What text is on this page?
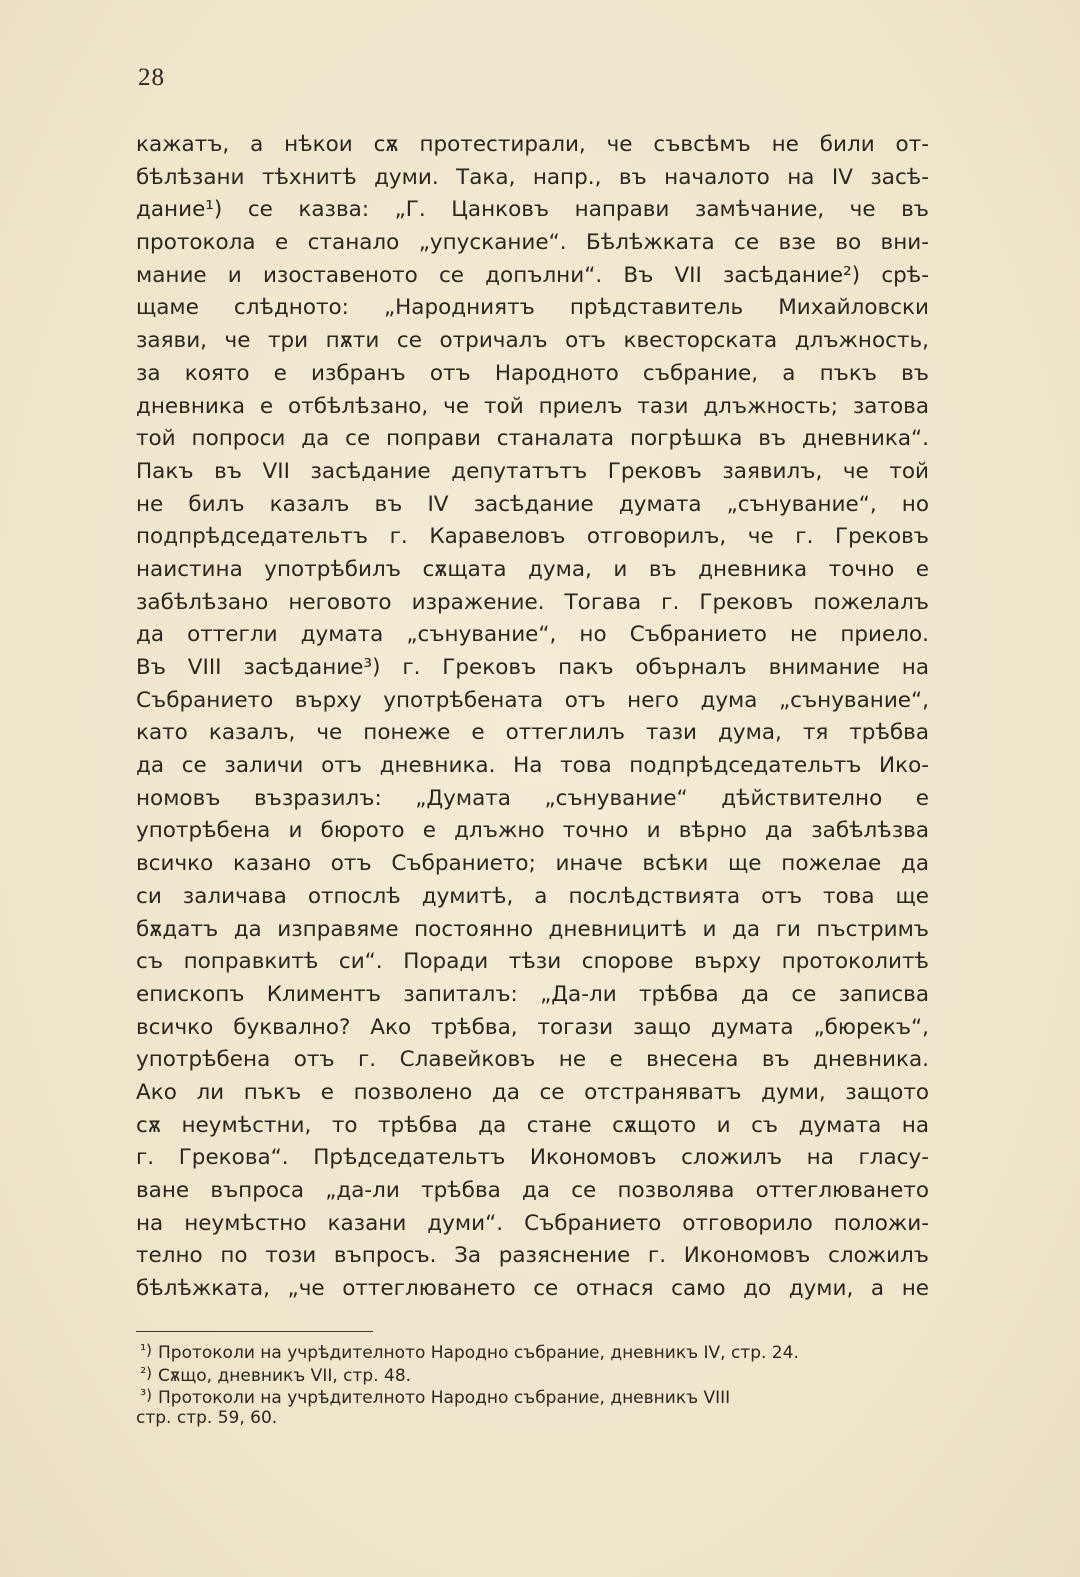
28
кажатъ, а нѣкои сѫ протестирали, че съвсѣмъ не били от-
бѣлѣзани тѣхнитѣ думи. Така, напр., въ началото на IV засѣ-
дание¹) се казва: „Г. Цанковъ направи замѣчание, че въ
протокола е станало „упускание“. Бѣлѣжката се взе во вни-
мание и изоставеното се допълни“. Въ VII засѣдание²) срѣ-
щаме слѣдното: „Народниятъ прѣдставитель Михайловски
заяви, че три пѫти се отричалъ отъ квесторската длъжность,
за която е избранъ отъ Народното събрание, а пъкъ въ
дневника е отбѣлѣзано, че той приелъ тази длъжность; затова
той попроси да се поправи станалата погрѣшка въ дневника“.
Пакъ въ VII засѣдание депутатътъ Грековъ заявилъ, че той
не билъ казалъ въ IV засѣдание думата „сънувание“, но
подпрѣдседательтъ г. Каравеловъ отговорилъ, че г. Грековъ
наистина употрѣбилъ сѫщата дума, и въ дневника точно е
забѣлѣзано неговото изражение. Тогава г. Грековъ пожелалъ
да оттегли думата „сънувание“, но Събранието не приело.
Въ VIII засѣдание³) г. Грековъ пакъ обърналъ внимание на
Събранието върху употрѣбената отъ него дума „сънувание“,
като казалъ, че понеже е оттеглилъ тази дума, тя трѣбва
да се заличи отъ дневника. На това подпрѣдседательтъ Ико-
номовъ възразилъ: „Думата „сънувание“ дѣйствително е
употрѣбена и бюрото е длъжно точно и вѣрно да забѣлѣзва
всичко казано отъ Събранието; иначе всѣки ще пожелае да
си заличава отпослѣ думитѣ, а послѣдствията отъ това ще
бѫдатъ да изправяме постоянно дневницитѣ и да ги пъстримъ
съ поправкитѣ си“. Поради тѣзи спорове върху протоколитѣ
епископъ Климентъ запиталъ: „Да-ли трѣбва да се записва
всичко буквално? Ако трѣбва, тогази защо думата „бюрекъ“,
употрѣбена отъ г. Славейковъ не е внесена въ дневника.
Ако ли пъкъ е позволено да се отстраняватъ думи, защото
сѫ неумѣстни, то трѣбва да стане сѫщото и съ думата на
г. Грекова“. Прѣдседательтъ Икономовъ сложилъ на гласу-
ване въпроса „да-ли трѣбва да се позволява оттеглюването
на неумѣстно казани думи“. Събранието отговорило положи-
телно по този въпросъ. За разяснение г. Икономовъ сложилъ
бѣлѣжката, „че оттеглюването се отнася само до думи, а не
¹) Протоколи на учрѣдителното Народно събрание, дневникъ IV, стр. 24.
²) Сѫщо, дневникъ VII, стр. 48.
³) Протоколи на учрѣдителното Народно събрание, дневникъ VIII
стр. стр. 59, 60.
